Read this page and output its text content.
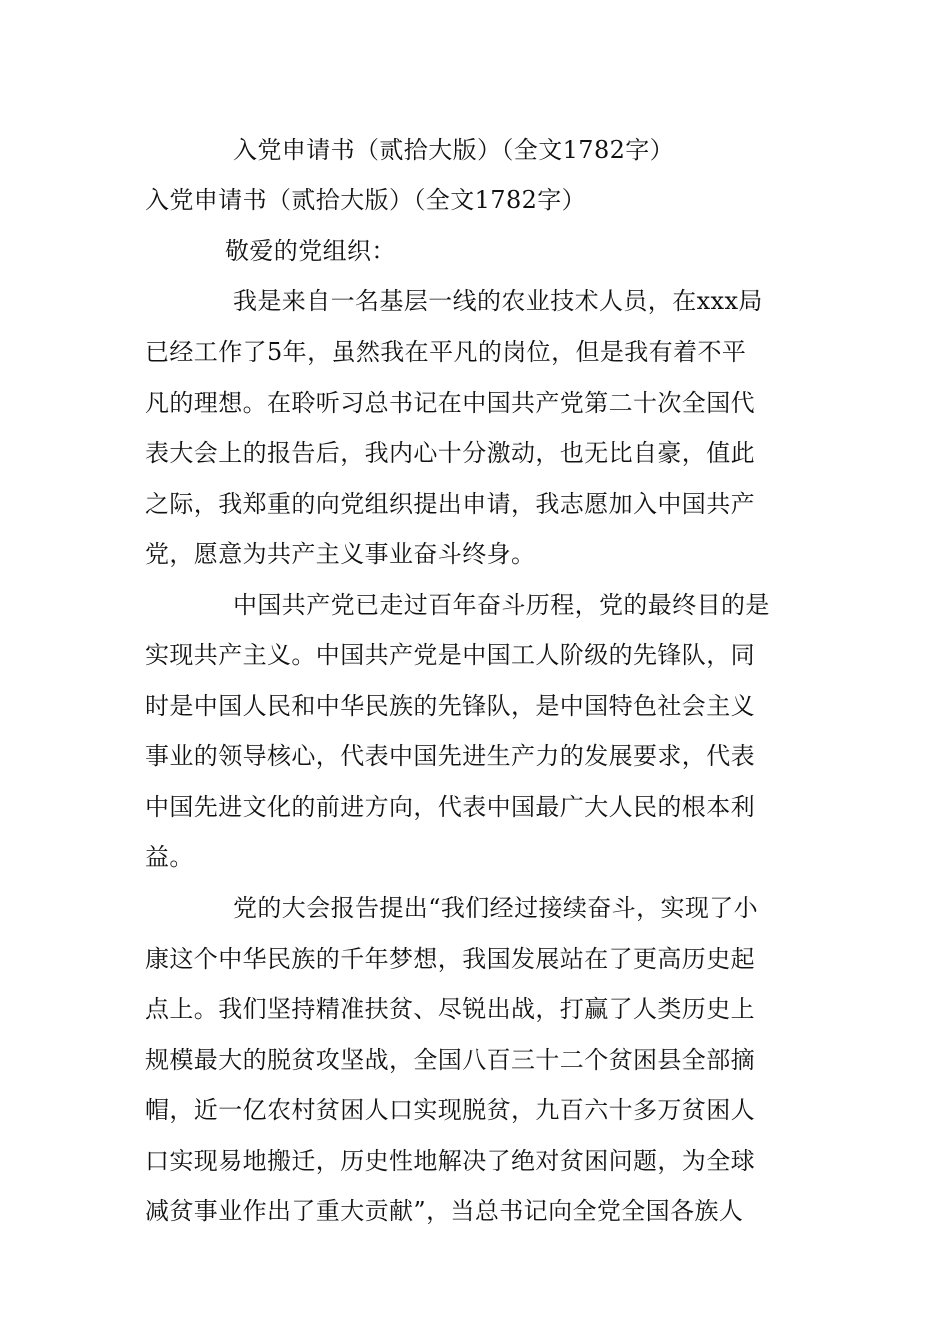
入党申请书（贰拾大版）（全文1782字）
入党申请书（贰拾大版）（全文1782字）
敬爱的党组织：
我是来自一名基层一线的农业技术人员，在xxx局
已经工作了5年，虽然我在平凡的岗位，但是我有着不平
凡的理想。在聆听习总书记在中国共产党第二十次全国代
表大会上的报告后，我内心十分激动，也无比自豪，值此
之际，我郑重的向党组织提出申请，我志愿加入中国共产
党，愿意为共产主义事业奋斗终身。
中国共产党已走过百年奋斗历程，党的最终目的是
实现共产主义。中国共产党是中国工人阶级的先锋队，同
时是中国人民和中华民族的先锋队，是中国特色社会主义
事业的领导核心，代表中国先进生产力的发展要求，代表
中国先进文化的前进方向，代表中国最广大人民的根本利
益。
党的大会报告提出“我们经过接续奋斗，实现了小
康这个中华民族的千年梦想，我国发展站在了更高历史起
点上。我们坚持精准扶贫、尽锐出战，打赢了人类历史上
规模最大的脱贫攻坚战，全国八百三十二个贫困县全部摘
帽，近一亿农村贫困人口实现脱贫，九百六十多万贫困人
口实现易地搬迁，历史性地解决了绝对贫困问题，为全球
减贫事业作出了重大贡献”，当总书记向全党全国各族人
